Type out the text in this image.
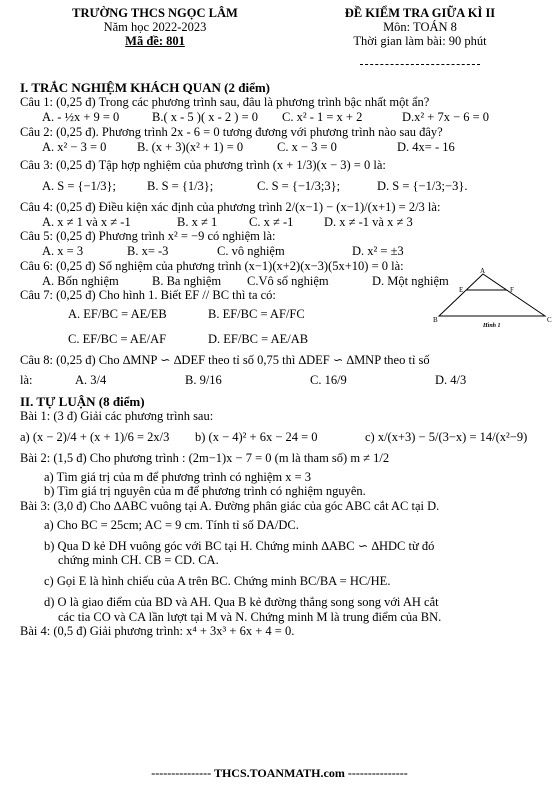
TRƯỜNG THCS NGỌC LÂM
Năm học 2022-2023
Mã đề: 801
ĐỀ KIỂM TRA GIỮA KÌ II
Môn: TOÁN 8
Thời gian làm bài: 90 phút
I. TRẮC NGHIỆM KHÁCH QUAN (2 điểm)
Câu 1: (0,25 đ) Trong các phương trình sau, đâu là phương trình bậc nhất một ẩn?
A. - ½x + 9 = 0	B.( x - 5 )( x - 2 ) = 0	C. x² - 1 = x + 2	D.x² + 7x − 6 = 0
Câu 2: (0,25 đ). Phương trình 2x - 6 = 0 tương đương với phương trình nào sau đây?
A. x² − 3 = 0	B. (x + 3)(x² + 1) = 0	C. x − 3 = 0	D. 4x= - 16
Câu 3: (0,25 đ) Tập hợp nghiệm của phương trình (x + 1/3)(x − 3) = 0 là:
A. S = {−1/3};	B. S = {1/3};	C. S = {−1/3;3};	D. S = {−1/3;−3}.
Câu 4: (0,25 đ) Điều kiện xác định của phương trình 2/(x−1) − (x−1)/(x+1) = 2/3 là:
A. x ≠ 1 và x ≠ -1	B. x ≠ 1	C. x ≠ -1	D. x ≠ -1 và x ≠ 3
Câu 5: (0,25 đ) Phương trình x² = −9 có nghiệm là:
A. x = 3	B. x= -3	C. vô nghiệm	D. x² = ±3
Câu 6: (0,25 đ) Số nghiệm của phương trình (x−1)(x+2)(x−3)(5x+10) = 0 là:
A. Bốn nghiệm	B. Ba nghiệm	C.Vô số nghiệm	D. Một nghiệm
Câu 7: (0,25 đ) Cho hình 1. Biết EF // BC thì ta có:
A. EF/BC = AE/EB	B. EF/BC = AF/FC
C. EF/BC = AE/AF	D. EF/BC = AE/AB
Câu 8: (0,25 đ) Cho ∆MNP ∽ ∆DEF theo tỉ số 0,75 thì ∆DEF ∽ ∆MNP theo tỉ số
là:	A. 3/4	B. 9/16	C. 16/9	D. 4/3
II. TỰ LUẬN (8 điểm)
Bài 1: (3 đ) Giải các phương trình sau:
a) (x − 2)/4 + (x + 1)/6 = 2x/3	b) (x − 4)² + 6x − 24 = 0	c) x/(x+3) − 5/(3−x) = 14/(x²−9)
Bài 2: (1,5 đ) Cho phương trình : (2m−1)x − 7 = 0 (m là tham số) m ≠ 1/2
a) Tìm giá trị của m để phương trình có nghiệm x = 3
b) Tìm giá trị nguyên của m để phương trình có nghiệm nguyên.
Bài 3: (3,0 đ) Cho ∆ABC vuông tại A. Đường phân giác của góc ABC cắt AC tại D.
a) Cho BC = 25cm; AC = 9 cm. Tính tỉ số DA/DC.
b) Qua D kẻ DH vuông góc với BC tại H. Chứng minh ∆ABC ∽ ∆HDC từ đó
chứng minh CH. CB = CD. CA.
c) Gọi E là hình chiếu của A trên BC. Chứng minh BC/BA = HC/HE.
d) O là giao điểm của BD và AH. Qua B kẻ đường thẳng song song với AH cắt
các tia CO và CA lần lượt tại M và N. Chứng minh M là trung điểm của BN.
Bài 4: (0,5 đ) Giải phương trình: x⁴ + 3x³ + 6x + 4 = 0.
A
E	F
B	C
Hình 1
--------------- THCS.TOANMATH.com ---------------
